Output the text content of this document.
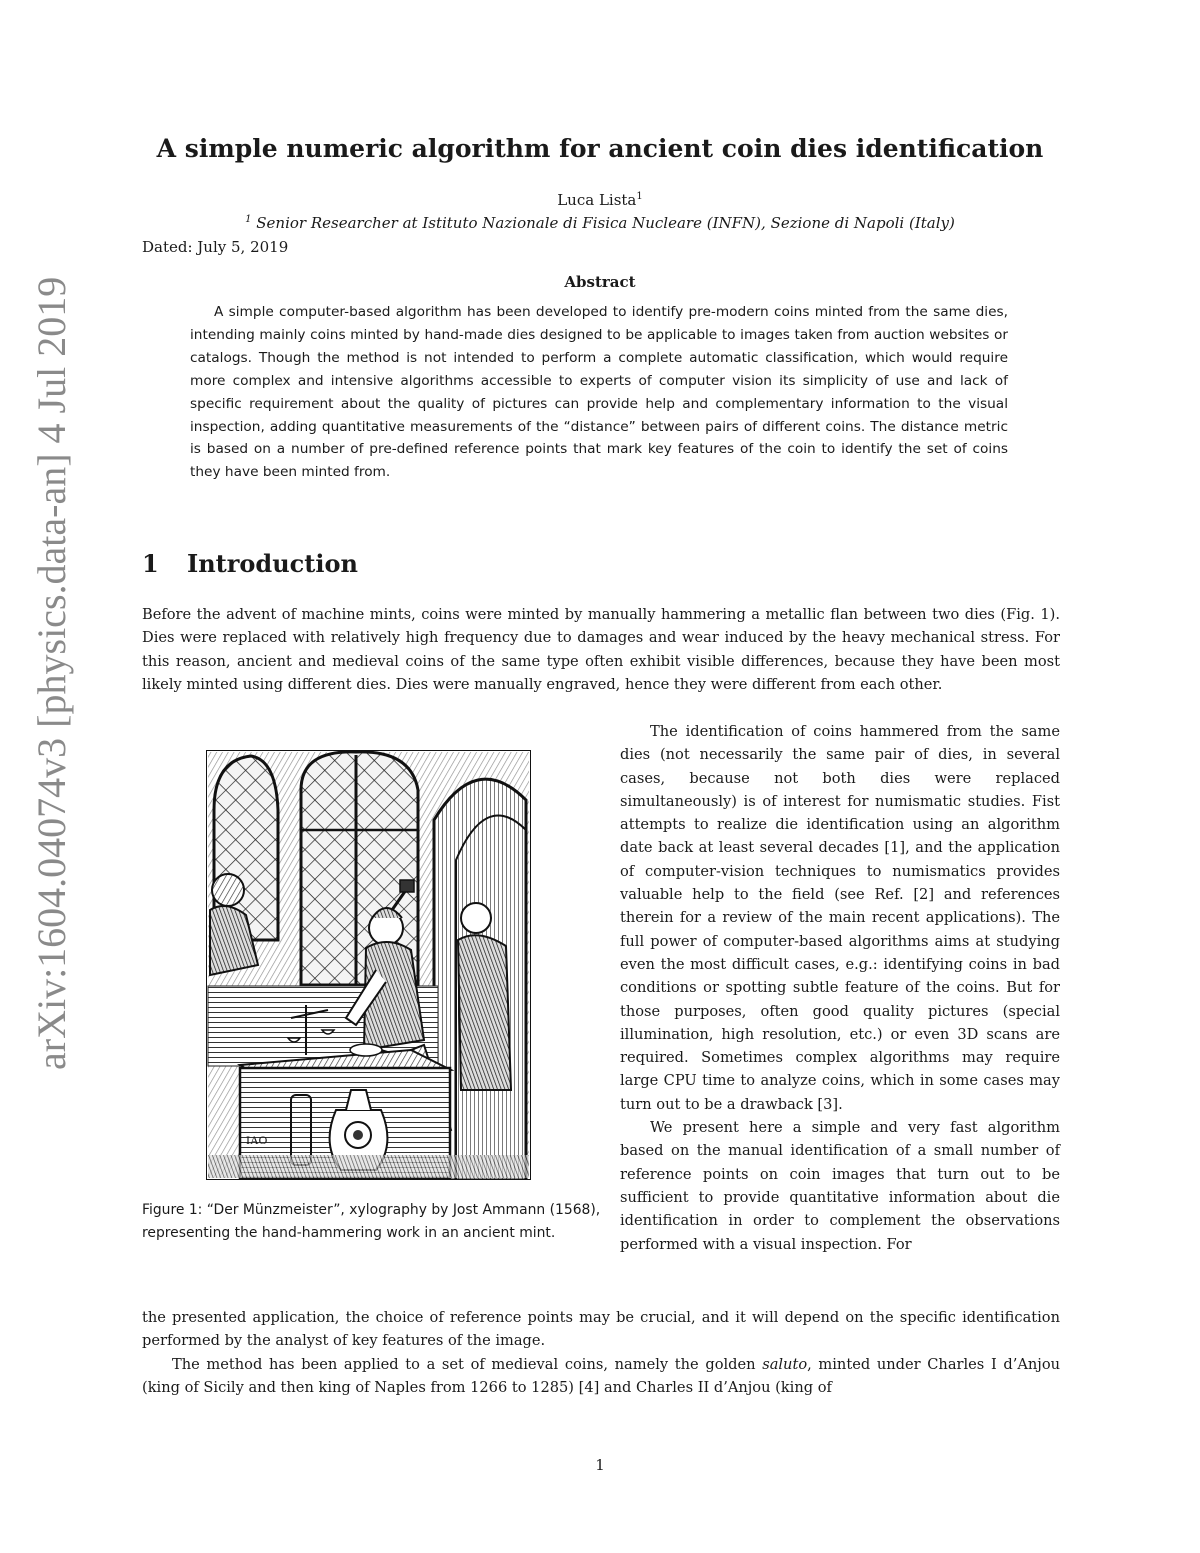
arXiv:1604.04074v3 [physics.data-an] 4 Jul 2019
A simple numeric algorithm for ancient coin dies identification
Luca Lista$^1$
$^1$ Senior Researcher at Istituto Nazionale di Fisica Nucleare (INFN), Sezione di Napoli (Italy)
Dated: July 5, 2019
Abstract
A simple computer-based algorithm has been developed to identify pre-modern coins minted from the same dies, intending mainly coins minted by hand-made dies designed to be applicable to images taken from auction websites or catalogs. Though the method is not intended to perform a complete automatic classification, which would require more complex and intensive algorithms accessible to experts of computer vision its simplicity of use and lack of specific requirement about the quality of pictures can provide help and complementary information to the visual inspection, adding quantitative measurements of the “distance” between pairs of different coins. The distance metric is based on a number of pre-defined reference points that mark key features of the coin to identify the set of coins they have been minted from.
1 Introduction
Before the advent of machine mints, coins were minted by manually hammering a metallic flan between two dies (Fig. 1). Dies were replaced with relatively high frequency due to damages and wear induced by the heavy mechanical stress. For this reason, ancient and medieval coins of the same type often exhibit visible differences, because they have been most likely minted using different dies. Dies were manually engraved, hence they were different from each other.
IAO
Figure 1: “Der Münzmeister”, xylography by Jost Ammann (1568), representing the hand-hammering work in an ancient mint.

The identification of coins hammered from the same dies (not necessarily the same pair of dies, in several cases, because not both dies were replaced simultaneously) is of interest for numismatic studies. Fist attempts to realize die identification using an algorithm date back at least several decades [1], and the application of computer-vision techniques to numismatics provides valuable help to the field (see Ref. [2] and references therein for a review of the main recent applications). The full power of computer-based algorithms aims at studying even the most difficult cases, e.g.: identifying coins in bad conditions or spotting subtle feature of the coins. But for those purposes, often good quality pictures (special illumination, high resolution, etc.) or even 3D scans are required. Sometimes complex algorithms may require large CPU time to analyze coins, which in some cases may turn out to be a drawback [3].

We present here a simple and very fast algorithm based on the manual identification of a small number of reference points on coin images that turn out to be sufficient to provide quantitative information about die identification in order to complement the observations performed with a visual inspection. For

the presented application, the choice of reference points may be crucial, and it will depend on the specific identification performed by the analyst of key features of the image.
The method has been applied to a set of medieval coins, namely the golden saluto, minted under Charles I d’Anjou (king of Sicily and then king of Naples from 1266 to 1285) [4] and Charles II d’Anjou (king of
1
